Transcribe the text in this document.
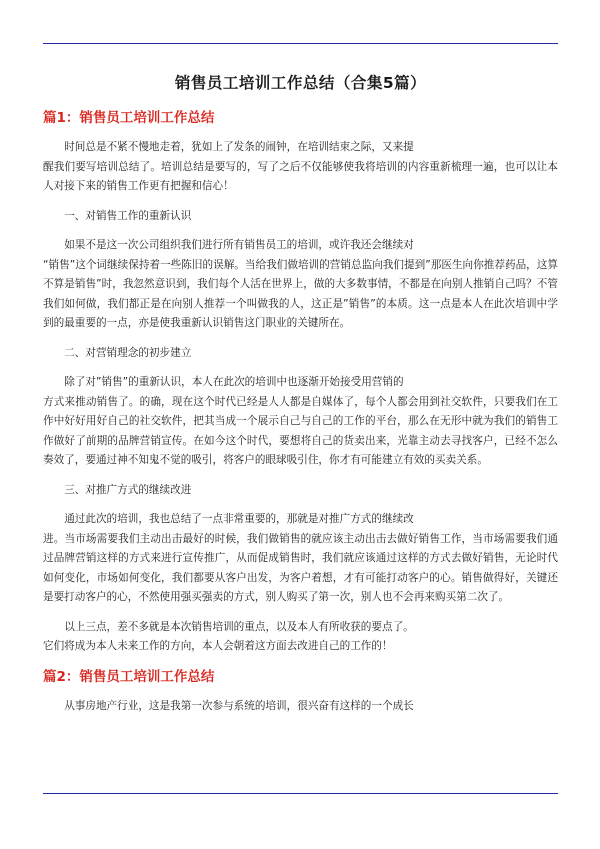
销售员工培训工作总结（合集5篇）
篇1：销售员工培训工作总结

时间总是不紧不慢地走着，犹如上了发条的闹钟，在培训结束之际，又来提
醒我们要写培训总结了。培训总结是要写的，写了之后不仅能够使我将培训的内容重新梳理一遍，也可以让本人对接下来的销售工作更有把握和信心！

一、对销售工作的重新认识

如果不是这一次公司组织我们进行所有销售员工的培训，或许我还会继续对
“销售”这个词继续保持着一些陈旧的误解。当给我们做培训的营销总监向我们提到”那医生向你推荐药品，这算不算是销售”时，我忽然意识到，我们每个人活在世界上，做的大多数事情，不都是在向别人推销自己吗？不管我们如何做，我们都正是在向别人推荐一个叫做我的人，这正是”销售”的本质。这一点是本人在此次培训中学到的最重要的一点，亦是使我重新认识销售这门职业的关键所在。

二、对营销理念的初步建立

除了对”销售”的重新认识，本人在此次的培训中也逐渐开始接受用营销的
方式来推动销售了。的确，现在这个时代已经是人人都是自媒体了，每个人都会用到社交软件，只要我们在工作中好好用好自己的社交软件，把其当成一个展示自己与自己的工作的平台，那么在无形中就为我们的销售工作做好了前期的品牌营销宣传。在如今这个时代，要想将自己的货卖出来，光靠主动去寻找客户，已经不怎么奏效了，要通过神不知鬼不觉的吸引，将客户的眼球吸引住，你才有可能建立有效的买卖关系。

三、对推广方式的继续改进

通过此次的培训，我也总结了一点非常重要的，那就是对推广方式的继续改
进。当市场需要我们主动出击最好的时候，我们做销售的就应该主动出击去做好销售工作，当市场需要我们通过品牌营销这样的方式来进行宣传推广，从而促成销售时，我们就应该通过这样的方式去做好销售，无论时代如何变化，市场如何变化，我们都要从客户出发，为客户着想，才有可能打动客户的心。销售做得好，关键还是要打动客户的心，不然使用强买强卖的方式，别人购买了第一次，别人也不会再来购买第二次了。

以上三点，差不多就是本次销售培训的重点，以及本人有所收获的要点了。
它们将成为本人未来工作的方向，本人会朝着这方面去改进自己的工作的！

篇2：销售员工培训工作总结

从事房地产行业，这是我第一次参与系统的培训，很兴奋有这样的一个成长
